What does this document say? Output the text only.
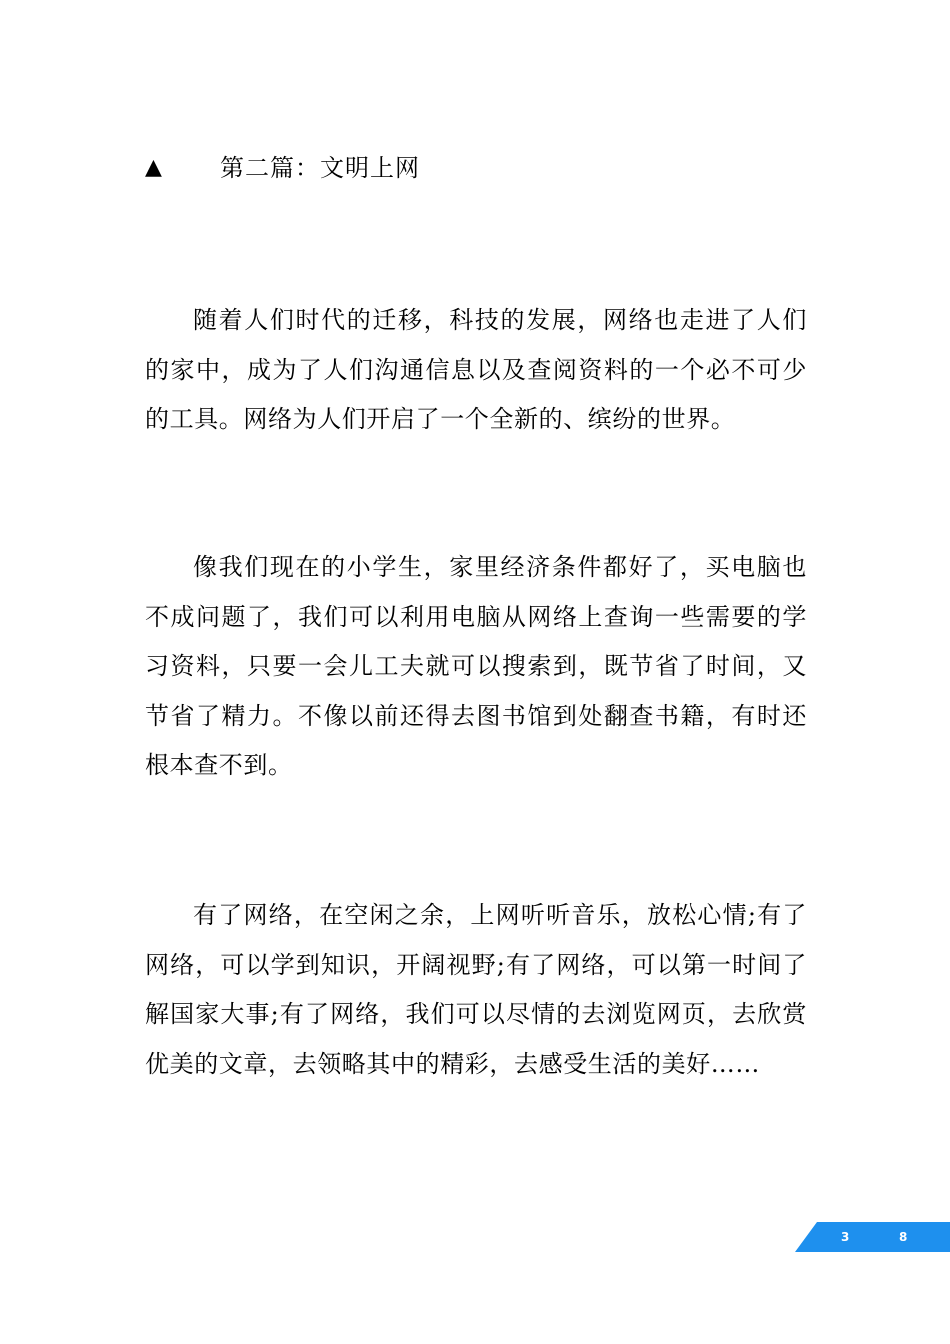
▲	第二篇：文明上网

随着人们时代的迁移，科技的发展，网络也走进了人们的家中，成为了人们沟通信息以及查阅资料的一个必不可少的工具。网络为人们开启了一个全新的、缤纷的世界。

像我们现在的小学生，家里经济条件都好了，买电脑也不成问题了，我们可以利用电脑从网络上查询一些需要的学习资料，只要一会儿工夫就可以搜索到，既节省了时间，又节省了精力。不像以前还得去图书馆到处翻查书籍，有时还根本查不到。

有了网络，在空闲之余，上网听听音乐，放松心情;有了网络，可以学到知识，开阔视野;有了网络，可以第一时间了解国家大事;有了网络，我们可以尽情的去浏览网页，去欣赏优美的文章，去领略其中的精彩，去感受生活的美好……

3	8
